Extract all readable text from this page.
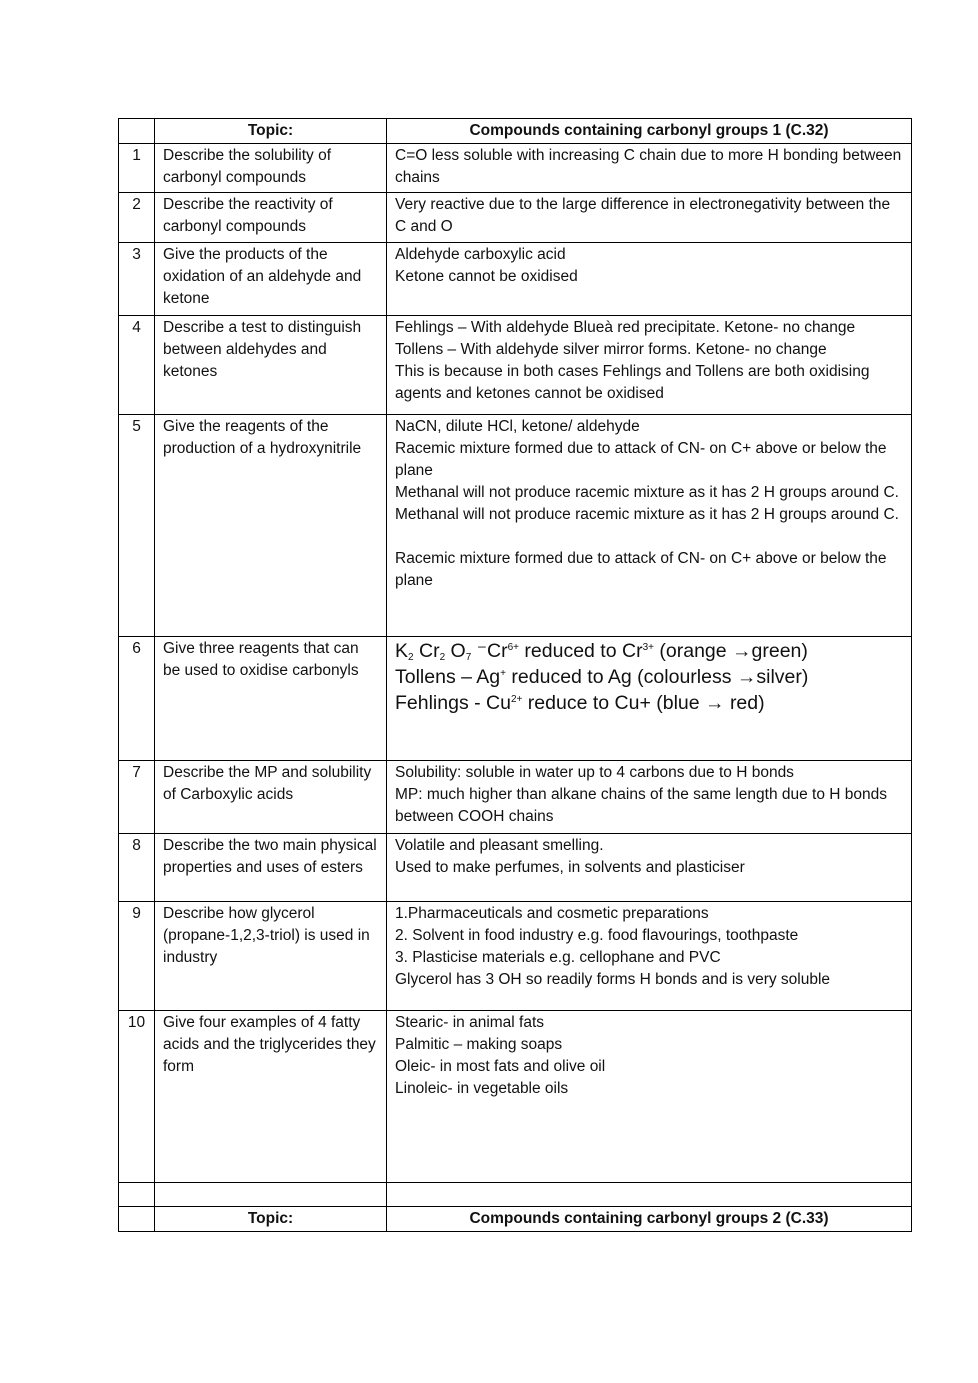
	Topic:	Compounds containing carbonyl groups 1 (C.32)
1	Describe the solubility of carbonyl compounds	C=O less soluble with increasing C chain due to more H bonding between chains

2	Describe the reactivity of carbonyl compounds	Very reactive due to the large difference in electronegativity between the C and O

3	Give the products of the oxidation of an aldehyde and ketone	Aldehyde carboxylic acid
Ketone cannot be oxidised

4	Describe a test to distinguish between aldehydes and ketones	Fehlings – With aldehyde Blueà red precipitate. Ketone- no change
Tollens – With aldehyde silver mirror forms. Ketone- no change
This is because in both cases Fehlings and Tollens are both oxidising agents and ketones cannot be oxidised

5	Give the reagents of the production of a hydroxynitrile	NaCN, dilute HCl, ketone/ aldehyde
Racemic mixture formed due to attack of CN- on C+ above or below the plane
Methanal will not produce racemic mixture as it has 2 H groups around C.
Methanal will not produce racemic mixture as it has 2 H groups around C.
Racemic mixture formed due to attack of CN- on C+ above or below the plane

6	Give three reagents that can be used to oxidise carbonyls	$K_2$ $Cr_2$ $O_7$ $^-Cr^{6+}$ reduced to $Cr^{3+}$ (orange →green)
Tollens – Ag+ reduced to Ag (colourless →silver)
Fehlings - $Cu^{2+}$ reduce to Cu+ (blue → red)

7	Describe the MP and solubility of Carboxylic acids	Solubility: soluble in water up to 4 carbons due to H bonds
MP: much higher than alkane chains of the same length due to H bonds between COOH chains

8	Describe the two main physical properties and uses of esters	Volatile and pleasant smelling.
Used to make perfumes, in solvents and plasticiser

9	Describe how glycerol (propane-1,2,3-triol) is used in industry	1.Pharmaceuticals and cosmetic preparations
2. Solvent in food industry e.g. food flavourings, toothpaste
3. Plasticise materials e.g. cellophane and PVC
Glycerol has 3 OH so readily forms H bonds and is very soluble

10	Give four examples of 4 fatty acids and the triglycerides they form	Stearic- in animal fats
Palmitic – making soaps
Oleic- in most fats and olive oil
Linoleic- in vegetable oils

	Topic:	Compounds containing carbonyl groups 2 (C.33)
